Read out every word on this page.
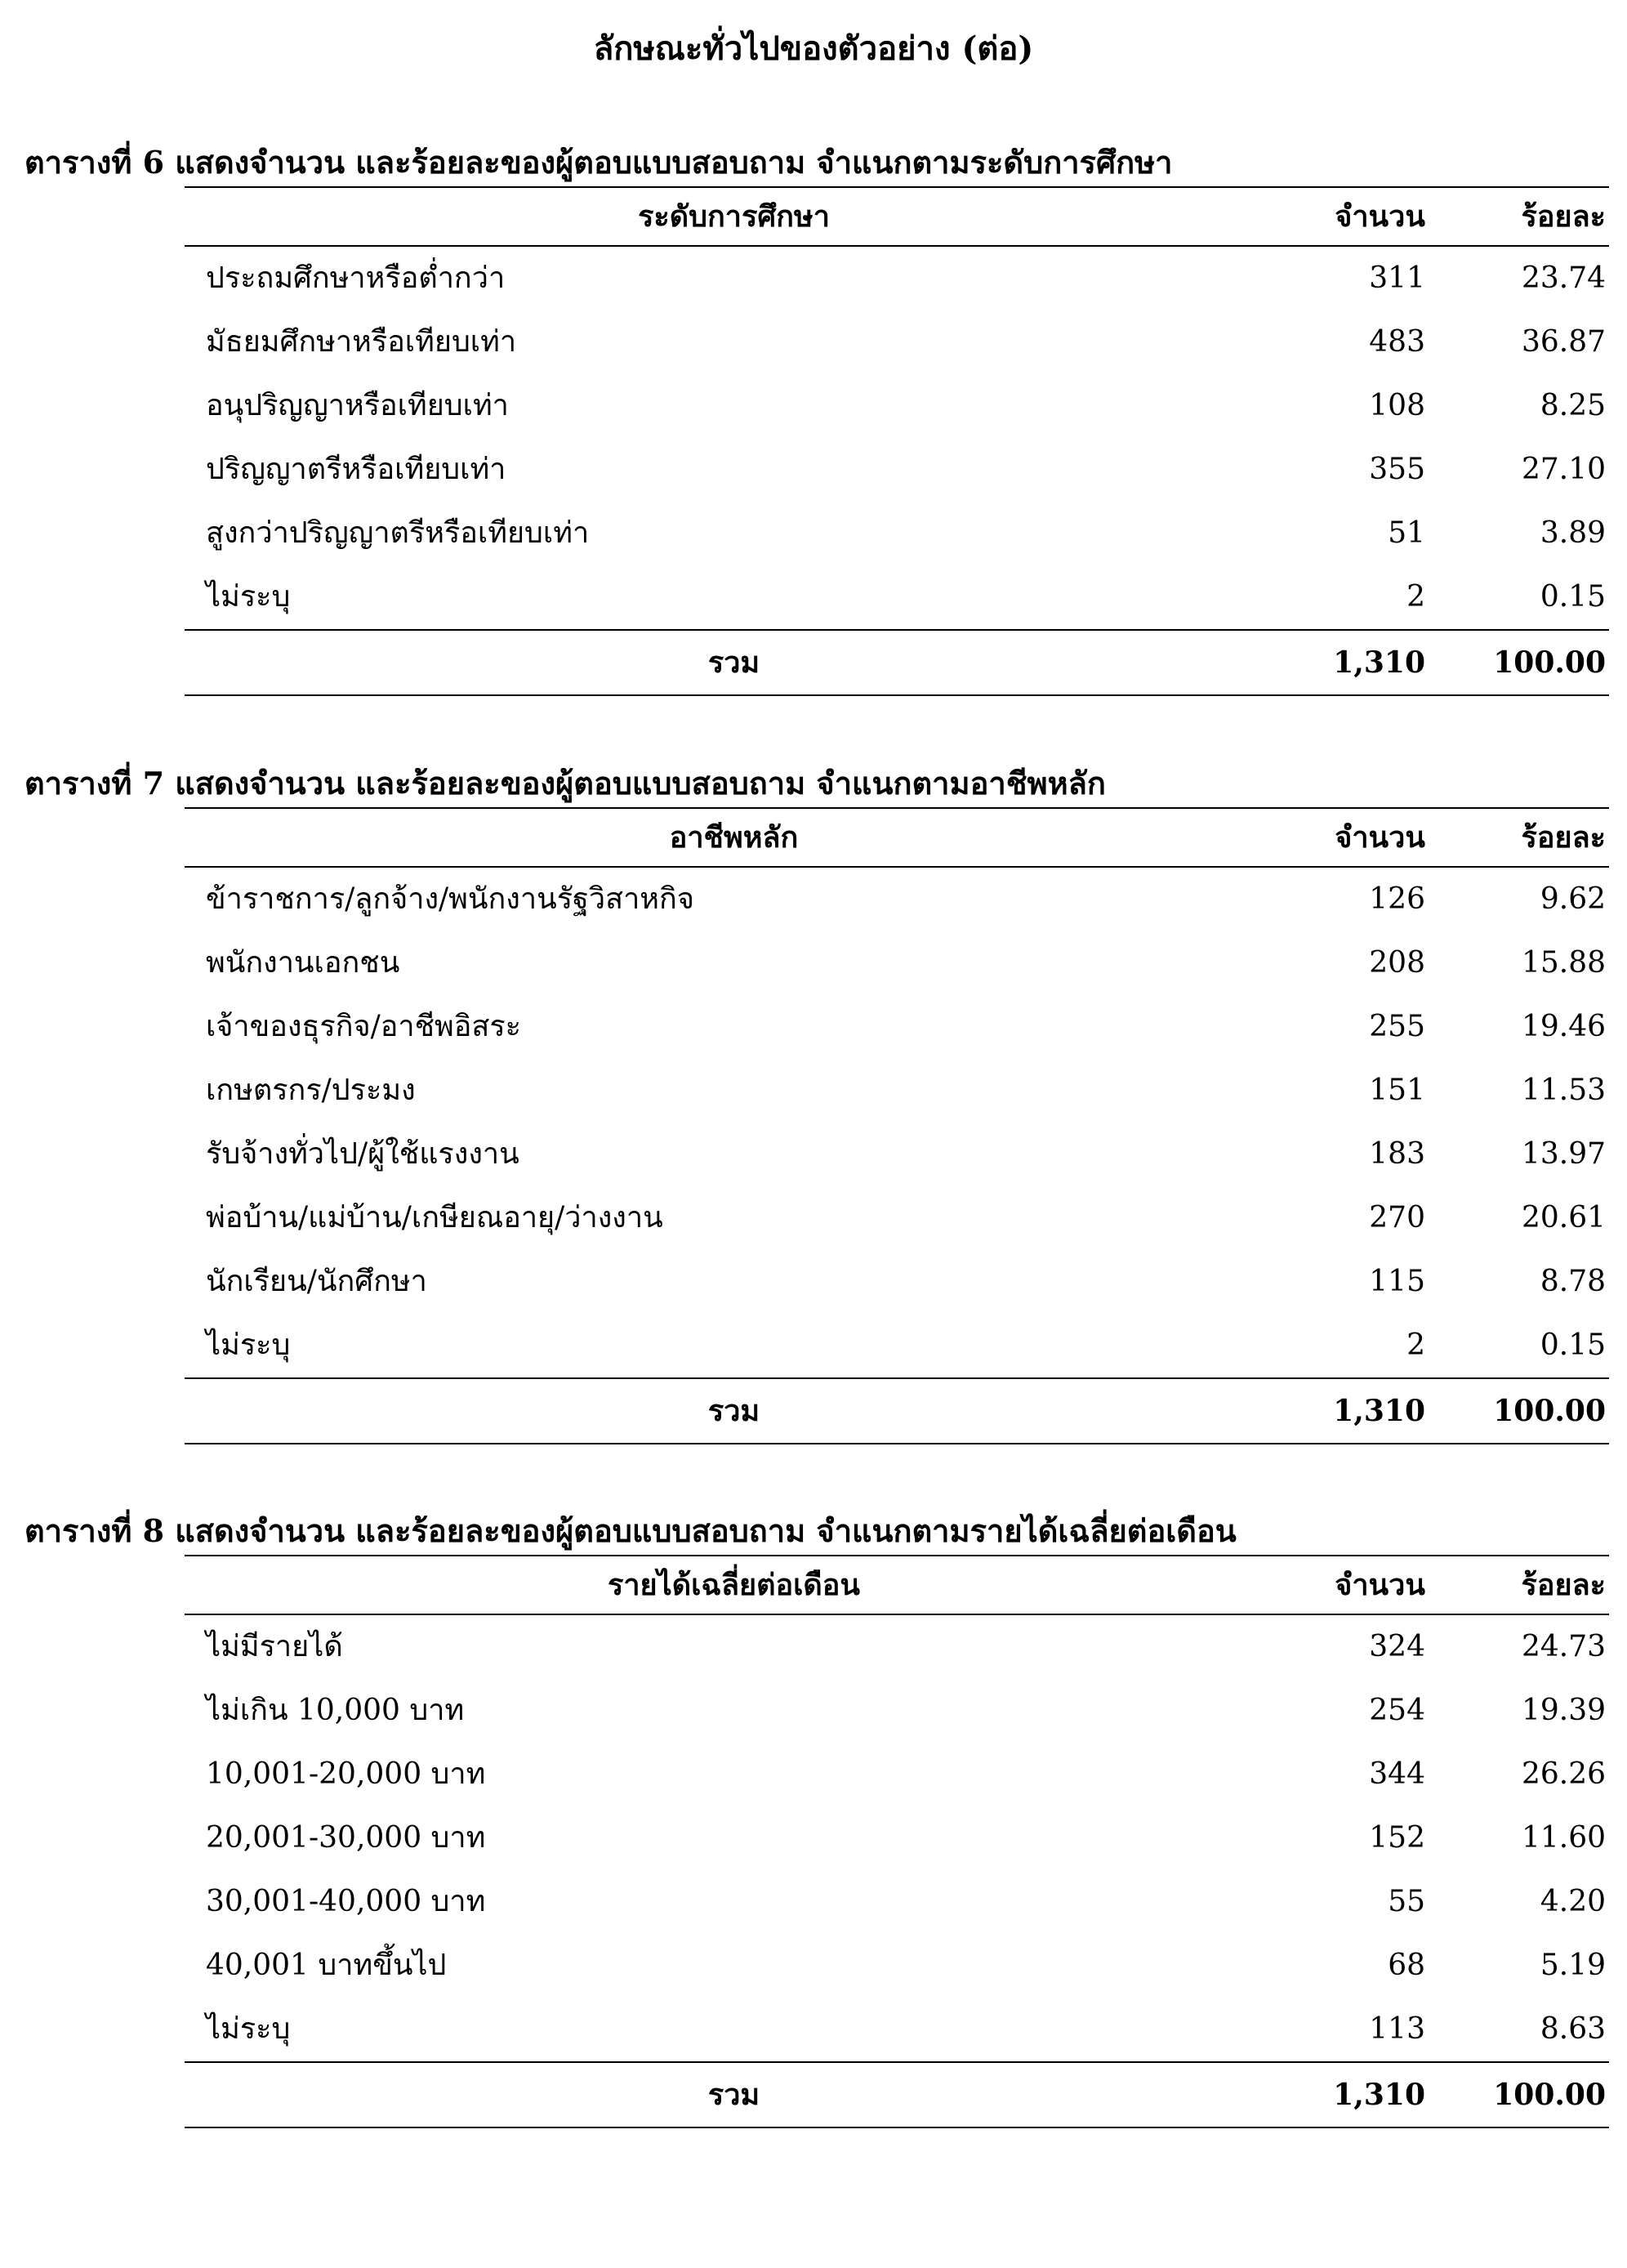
ลักษณะทั่วไปของตัวอย่าง (ต่อ)
ตารางที่ 6 แสดงจำนวน และร้อยละของผู้ตอบแบบสอบถาม จำแนกตามระดับการศึกษา
ระดับการศึกษา	จำนวน	ร้อยละ
ประถมศึกษาหรือต่ำกว่า	311	23.74
มัธยมศึกษาหรือเทียบเท่า	483	36.87
อนุปริญญาหรือเทียบเท่า	108	8.25
ปริญญาตรีหรือเทียบเท่า	355	27.10
สูงกว่าปริญญาตรีหรือเทียบเท่า	51	3.89
ไม่ระบุ	2	0.15
รวม	1,310	100.00
ตารางที่ 7 แสดงจำนวน และร้อยละของผู้ตอบแบบสอบถาม จำแนกตามอาชีพหลัก
อาชีพหลัก	จำนวน	ร้อยละ
ข้าราชการ/ลูกจ้าง/พนักงานรัฐวิสาหกิจ	126	9.62
พนักงานเอกชน	208	15.88
เจ้าของธุรกิจ/อาชีพอิสระ	255	19.46
เกษตรกร/ประมง	151	11.53
รับจ้างทั่วไป/ผู้ใช้แรงงาน	183	13.97
พ่อบ้าน/แม่บ้าน/เกษียณอายุ/ว่างงาน	270	20.61
นักเรียน/นักศึกษา	115	8.78
ไม่ระบุ	2	0.15
รวม	1,310	100.00
ตารางที่ 8 แสดงจำนวน และร้อยละของผู้ตอบแบบสอบถาม จำแนกตามรายได้เฉลี่ยต่อเดือน
รายได้เฉลี่ยต่อเดือน	จำนวน	ร้อยละ
ไม่มีรายได้	324	24.73
ไม่เกิน 10,000 บาท	254	19.39
10,001-20,000 บาท	344	26.26
20,001-30,000 บาท	152	11.60
30,001-40,000 บาท	55	4.20
40,001 บาทขึ้นไป	68	5.19
ไม่ระบุ	113	8.63
รวม	1,310	100.00
